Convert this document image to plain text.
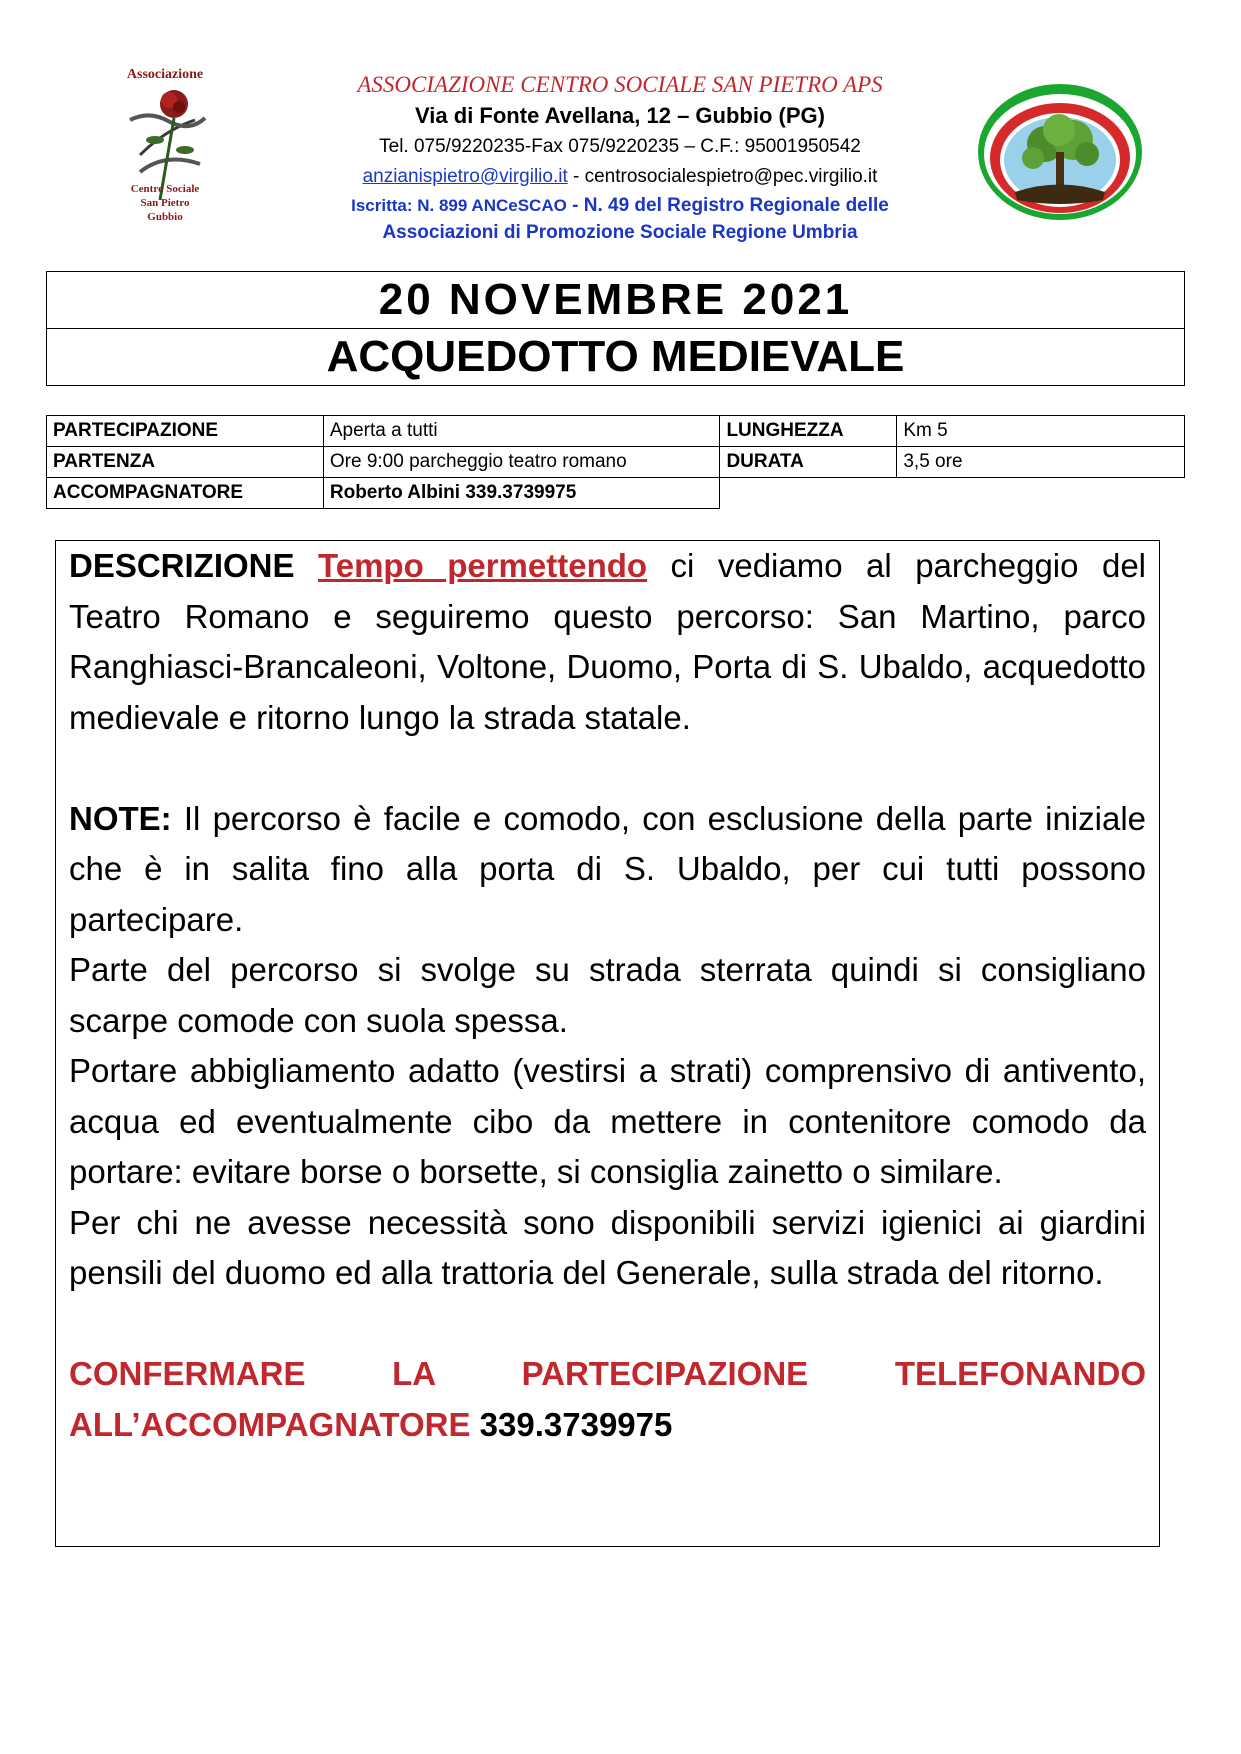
Associazione
Centro Sociale
San Pietro
Gubbio
ASSOCIAZIONE CENTRO SOCIALE SAN PIETRO APS
Via di Fonte Avellana, 12 – Gubbio (PG)
Tel. 075/9220235-Fax 075/9220235 – C.F.: 95001950542
anzianispietro@virgilio.it - centrosocialespietro@pec.virgilio.it
Iscritta: N. 899 ANCeSCAO - N. 49 del Registro Regionale delle
Associazioni di Promozione Sociale Regione Umbria
20 NOVEMBRE 2021
ACQUEDOTTO MEDIEVALE
PARTECIPAZIONE	Aperta a tutti	LUNGHEZZA	Km 5
PARTENZA	Ore 9:00 parcheggio teatro romano	DURATA	3,5 ore
ACCOMPAGNATORE	Roberto Albini 339.3739975		

DESCRIZIONE Tempo permettendo ci vediamo al parcheggio del Teatro Romano e seguiremo questo percorso: San Martino, parco Ranghiasci-Brancaleoni, Voltone, Duomo, Porta di S. Ubaldo, acquedotto medievale e ritorno lungo la strada statale.

NOTE: Il percorso è facile e comodo, con esclusione della parte iniziale che è in salita fino alla porta di S. Ubaldo, per cui tutti possono partecipare.

Parte del percorso si svolge su strada sterrata quindi si consigliano scarpe comode con suola spessa.

Portare abbigliamento adatto (vestirsi a strati) comprensivo di antivento, acqua ed eventualmente cibo da mettere in contenitore comodo da portare: evitare borse o borsette, si consiglia zainetto o similare.

Per chi ne avesse necessità sono disponibili servizi igienici ai giardini pensili del duomo ed alla trattoria del Generale, sulla strada del ritorno.

CONFERMARE LA PARTECIPAZIONE TELEFONANDO ALL’ACCOMPAGNATORE 339.3739975
